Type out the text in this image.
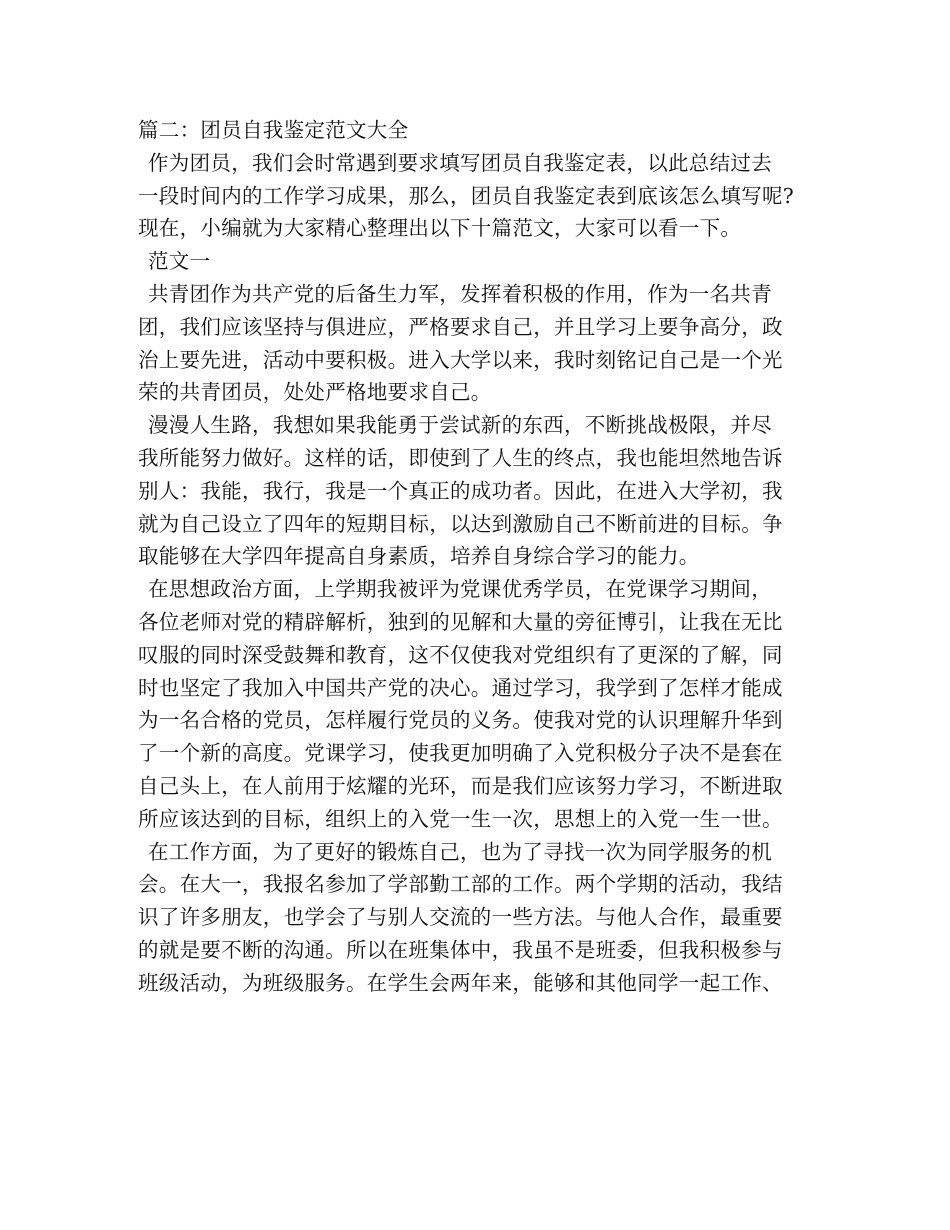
篇二：团员自我鉴定范文大全
作为团员，我们会时常遇到要求填写团员自我鉴定表，以此总结过去
一段时间内的工作学习成果，那么，团员自我鉴定表到底该怎么填写呢?
现在，小编就为大家精心整理出以下十篇范文，大家可以看一下。
范文一
共青团作为共产党的后备生力军，发挥着积极的作用，作为一名共青
团，我们应该坚持与俱进应，严格要求自己，并且学习上要争高分，政
治上要先进，活动中要积极。进入大学以来，我时刻铭记自己是一个光
荣的共青团员，处处严格地要求自己。
漫漫人生路，我想如果我能勇于尝试新的东西，不断挑战极限，并尽
我所能努力做好。这样的话，即使到了人生的终点，我也能坦然地告诉
别人：我能，我行，我是一个真正的成功者。因此，在进入大学初，我
就为自己设立了四年的短期目标，以达到激励自己不断前进的目标。争
取能够在大学四年提高自身素质，培养自身综合学习的能力。
在思想政治方面，上学期我被评为党课优秀学员，在党课学习期间，
各位老师对党的精辟解析，独到的见解和大量的旁征博引，让我在无比
叹服的同时深受鼓舞和教育，这不仅使我对党组织有了更深的了解，同
时也坚定了我加入中国共产党的决心。通过学习，我学到了怎样才能成
为一名合格的党员，怎样履行党员的义务。使我对党的认识理解升华到
了一个新的高度。党课学习，使我更加明确了入党积极分子决不是套在
自己头上，在人前用于炫耀的光环，而是我们应该努力学习，不断进取
所应该达到的目标，组织上的入党一生一次，思想上的入党一生一世。
在工作方面，为了更好的锻炼自己，也为了寻找一次为同学服务的机
会。在大一，我报名参加了学部勤工部的工作。两个学期的活动，我结
识了许多朋友，也学会了与别人交流的一些方法。与他人合作，最重要
的就是要不断的沟通。所以在班集体中，我虽不是班委，但我积极参与
班级活动，为班级服务。在学生会两年来，能够和其他同学一起工作、
